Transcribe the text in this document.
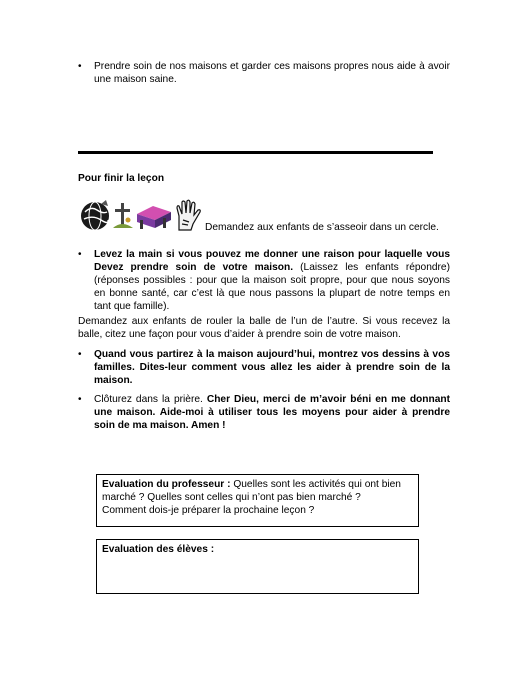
• Prendre soin de nos maisons et garder ces maisons propres nous aide à avoir une maison saine.
Pour finir la leçon
Demandez aux enfants de s’asseoir dans un cercle.
• Levez la main si vous pouvez me donner une raison pour laquelle vous Devez prendre soin de votre maison. (Laissez les enfants répondre) (réponses possibles : pour que la maison soit propre, pour que nous soyons en bonne santé, car c’est là que nous passons la plupart de notre temps en tant que famille).
Demandez aux enfants de rouler la balle de l’un de l’autre. Si vous recevez la balle, citez une façon pour vous d’aider à prendre soin de votre maison.
• Quand vous partirez à la maison aujourd’hui, montrez vos dessins à vos familles. Dites-leur comment vous allez les aider à prendre soin de la maison.
• Clôturez dans la prière. Cher Dieu, merci de m’avoir béni en me donnant une maison. Aide-moi à utiliser tous les moyens pour aider à prendre soin de ma maison. Amen !
Evaluation du professeur : Quelles sont les activités qui ont bien marché ? Quelles sont celles qui n’ont pas bien marché ?
Comment dois-je préparer la prochaine leçon ?
Evaluation des élèves :
